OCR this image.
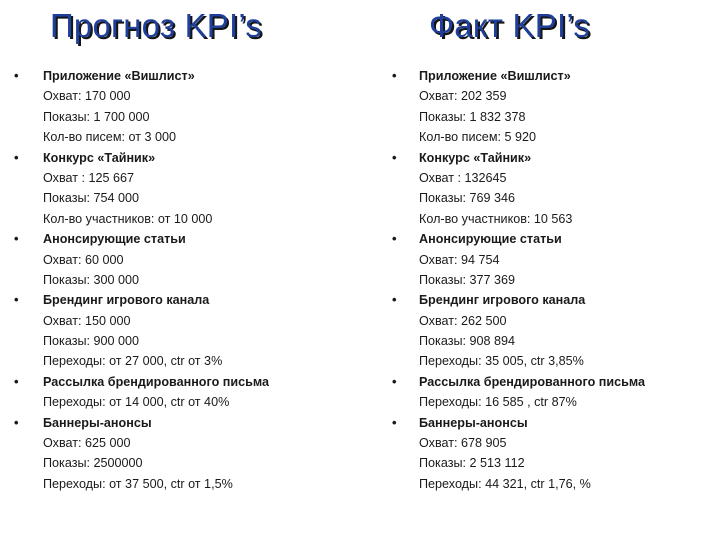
Прогноз KPI’s	Факт KPI’s
• Приложение «Вишлист»
Охват: 170 000
Показы: 1 700 000
Кол-во писем: от 3 000
• Конкурс «Тайник»
Охват : 125 667
Показы: 754 000
Кол-во участников: от 10 000
• Анонсирующие статьи
Охват: 60 000
Показы: 300 000
• Брендинг игрового канала
Охват: 150 000
Показы: 900 000
Переходы: от 27 000, ctr от 3%
• Рассылка брендированного письма
Переходы: от 14 000, ctr от 40%
• Баннеры-анонсы
Охват: 625 000
Показы: 2500000
Переходы: от 37 500, ctr от 1,5%
• Приложение «Вишлист»
Охват: 202 359
Показы: 1 832 378
Кол-во писем: 5 920
• Конкурс «Тайник»
Охват : 132645
Показы: 769 346
Кол-во участников: 10 563
• Анонсирующие статьи
Охват: 94 754
Показы: 377 369
• Брендинг игрового канала
Охват: 262 500
Показы: 908 894
Переходы: 35 005, ctr 3,85%
• Рассылка брендированного письма
Переходы: 16 585 , ctr 87%
• Баннеры-анонсы
Охват: 678 905
Показы: 2 513 112
Переходы: 44 321, ctr 1,76, %
